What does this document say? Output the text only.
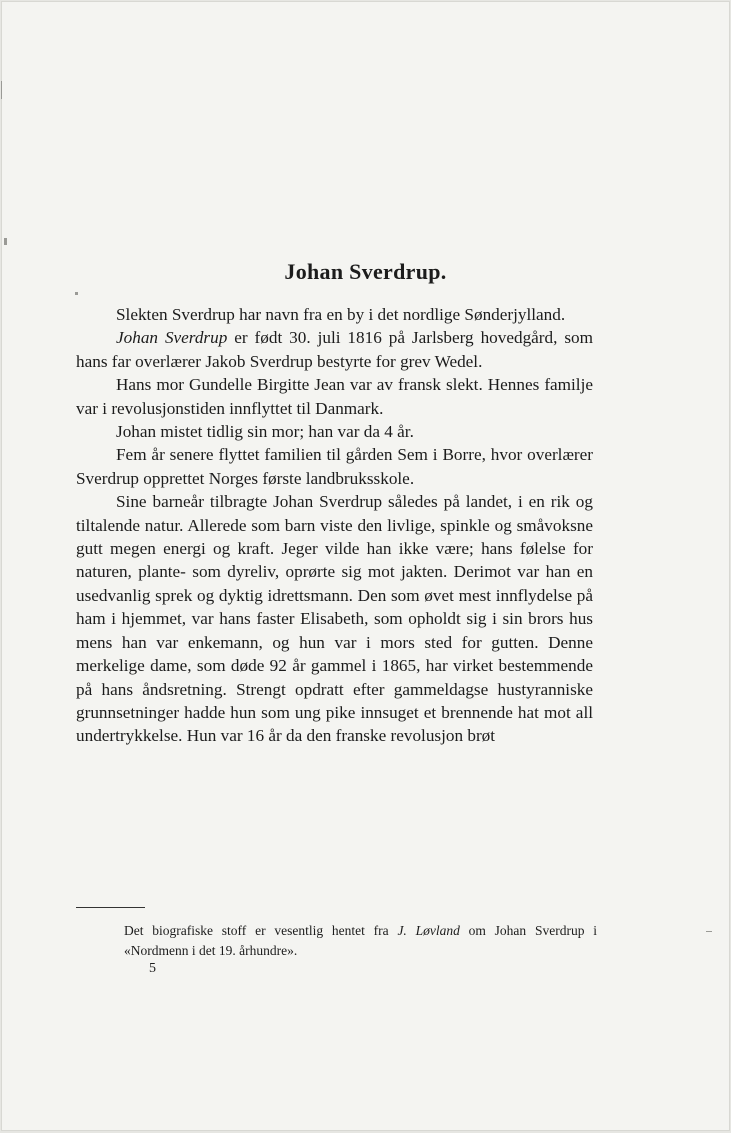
Johan Sverdrup.

Slekten Sverdrup har navn fra en by i det nordlige Sønderjylland.

Johan Sverdrup er født 30. juli 1816 på Jarlsberg hovedgård, som hans far overlærer Jakob Sverdrup bestyrte for grev Wedel.

Hans mor Gundelle Birgitte Jean var av fransk slekt. Hennes familje var i revolusjonstiden innflyttet til Danmark.

Johan mistet tidlig sin mor; han var da 4 år.

Fem år senere flyttet familien til gården Sem i Borre, hvor overlærer Sverdrup opprettet Norges første landbruksskole.

Sine barneår tilbragte Johan Sverdrup således på landet, i en rik og tiltalende natur. Allerede som barn viste den livlige, spinkle og småvoksne gutt megen energi og kraft. Jeger vilde han ikke være; hans følelse for naturen, plante- som dyreliv, oprørte sig mot jakten. Derimot var han en usedvanlig sprek og dyktig idrettsmann. Den som øvet mest innflydelse på ham i hjemmet, var hans faster Elisabeth, som opholdt sig i sin brors hus mens han var enkemann, og hun var i mors sted for gutten. Denne merkelige dame, som døde 92 år gammel i 1865, har virket bestemmende på hans åndsretning. Strengt opdratt efter gammeldagse hustyranniske grunnsetninger hadde hun som ung pike innsuget et brennende hat mot all undertrykkelse. Hun var 16 år da den franske revolusjon brøt

Det biografiske stoff er vesentlig hentet fra J. Løvland om Johan Sverdrup i «Nordmenn i det 19. århundre».

5
